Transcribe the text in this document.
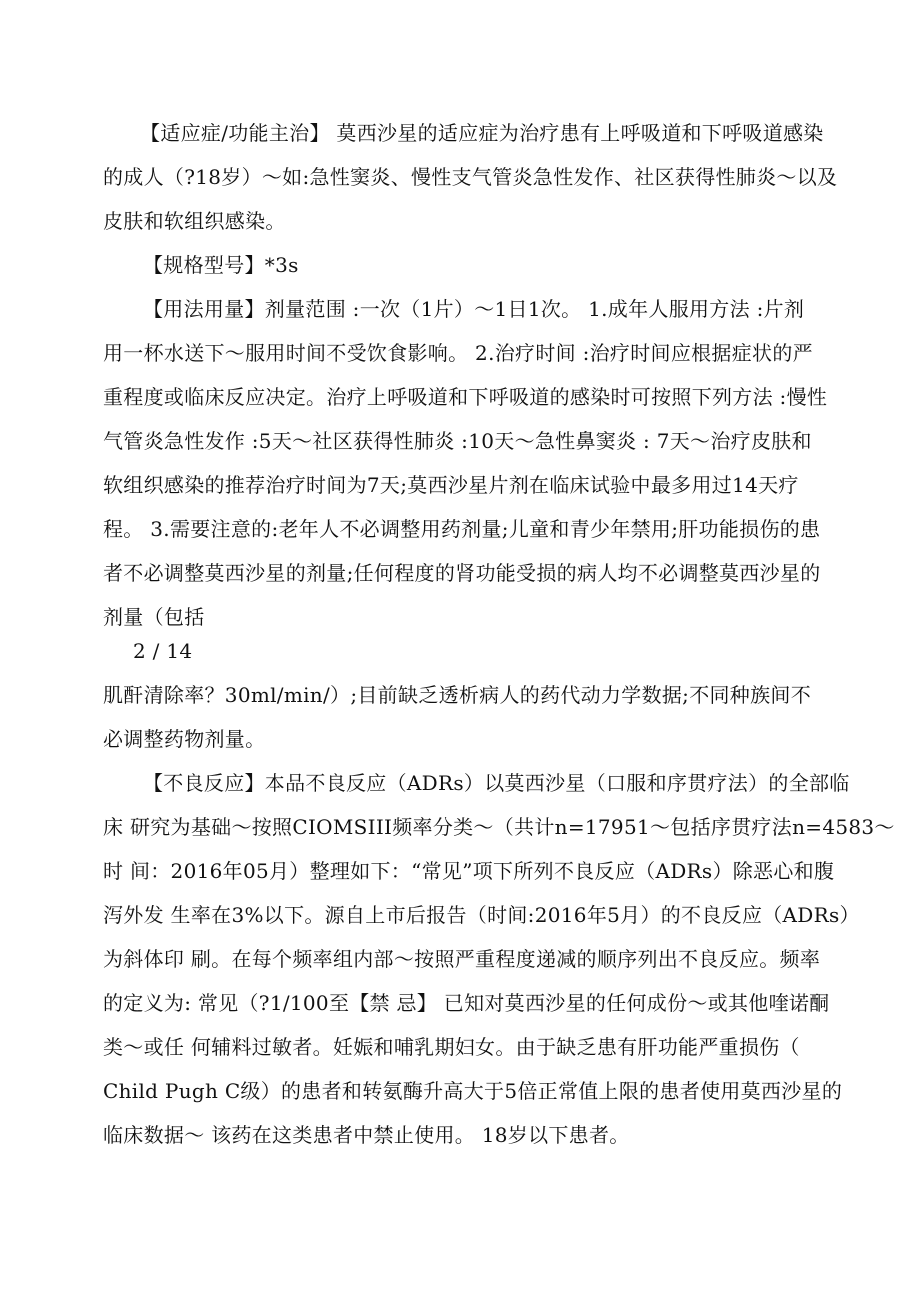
【适应症/功能主治】 莫西沙星的适应症为治疗患有上呼吸道和下呼吸道感染
的成人（?18岁）～如:急性窦炎、慢性支气管炎急性发作、社区获得性肺炎～以及
皮肤和软组织感染。
【规格型号】*3s
【用法用量】剂量范围 :一次（1片）～1日1次。 1.成年人服用方法 :片剂
用一杯水送下～服用时间不受饮食影响。 2.治疗时间 :治疗时间应根据症状的严
重程度或临床反应决定。治疗上呼吸道和下呼吸道的感染时可按照下列方法 :慢性
气管炎急性发作 :5天～社区获得性肺炎 :10天～急性鼻窦炎 : 7天～治疗皮肤和
软组织感染的推荐治疗时间为7天;莫西沙星片剂在临床试验中最多用过14天疗
程。 3.需要注意的:老年人不必调整用药剂量;儿童和青少年禁用;肝功能损伤的患
者不必调整莫西沙星的剂量;任何程度的肾功能受损的病人均不必调整莫西沙星的
剂量（包括
2 / 14
肌酐清除率？30ml/min/）;目前缺乏透析病人的药代动力学数据;不同种族间不
必调整药物剂量。
【不良反应】本品不良反应（ADRs）以莫西沙星（口服和序贯疗法）的全部临
床 研究为基础～按照CIOMSIII频率分类～（共计n=17951～包括序贯疗法n=4583～
时 间：2016年05月）整理如下：“常见”项下所列不良反应（ADRs）除恶心和腹
泻外发 生率在3%以下。源自上市后报告（时间:2016年5月）的不良反应（ADRs）
为斜体印 刷。在每个频率组内部～按照严重程度递减的顺序列出不良反应。频率
的定义为: 常见（?1/100至【禁 忌】 已知对莫西沙星的任何成份～或其他喹诺酮
类～或任 何辅料过敏者。妊娠和哺乳期妇女。由于缺乏患有肝功能严重损伤（
Child Pugh C级）的患者和转氨酶升高大于5倍正常值上限的患者使用莫西沙星的
临床数据～ 该药在这类患者中禁止使用。 18岁以下患者。
